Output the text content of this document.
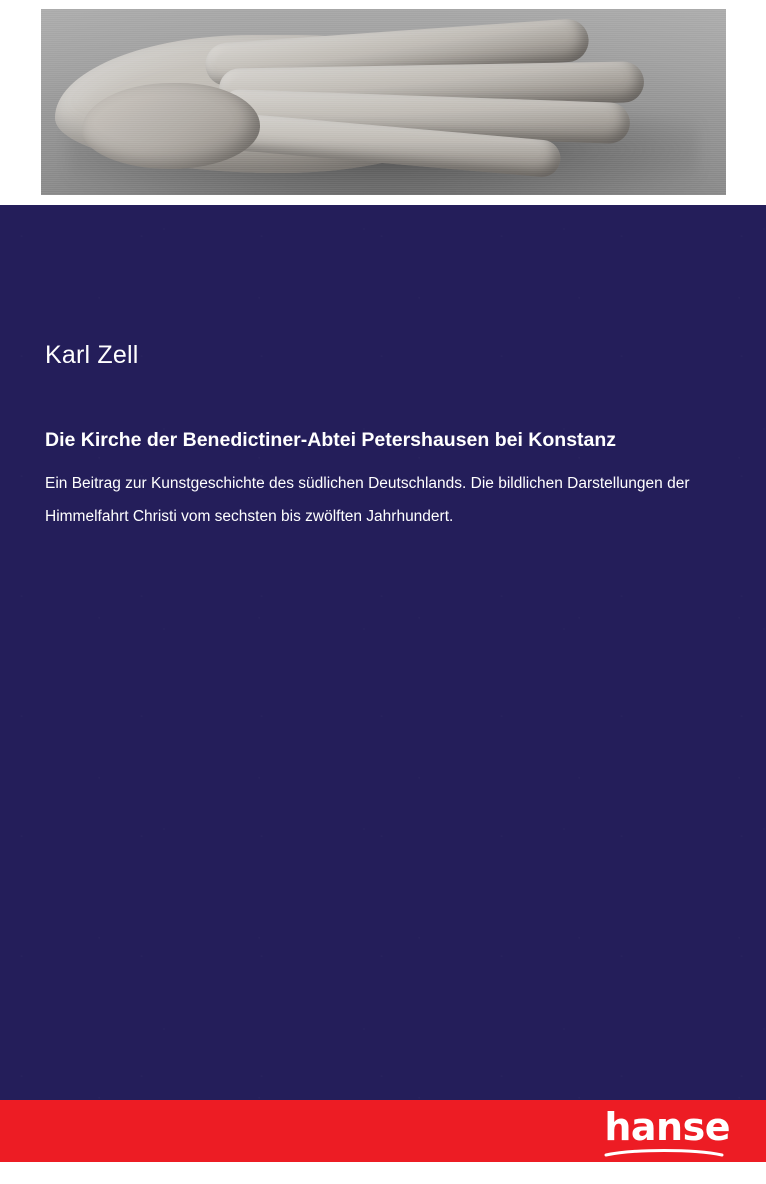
Karl Zell
Die Kirche der Benedictiner-Abtei Petershausen bei Konstanz
Ein Beitrag zur Kunstgeschichte des südlichen Deutschlands. Die bildlichen Darstellungen der Himmelfahrt Christi vom sechsten bis zwölften Jahrhundert.
hanse
